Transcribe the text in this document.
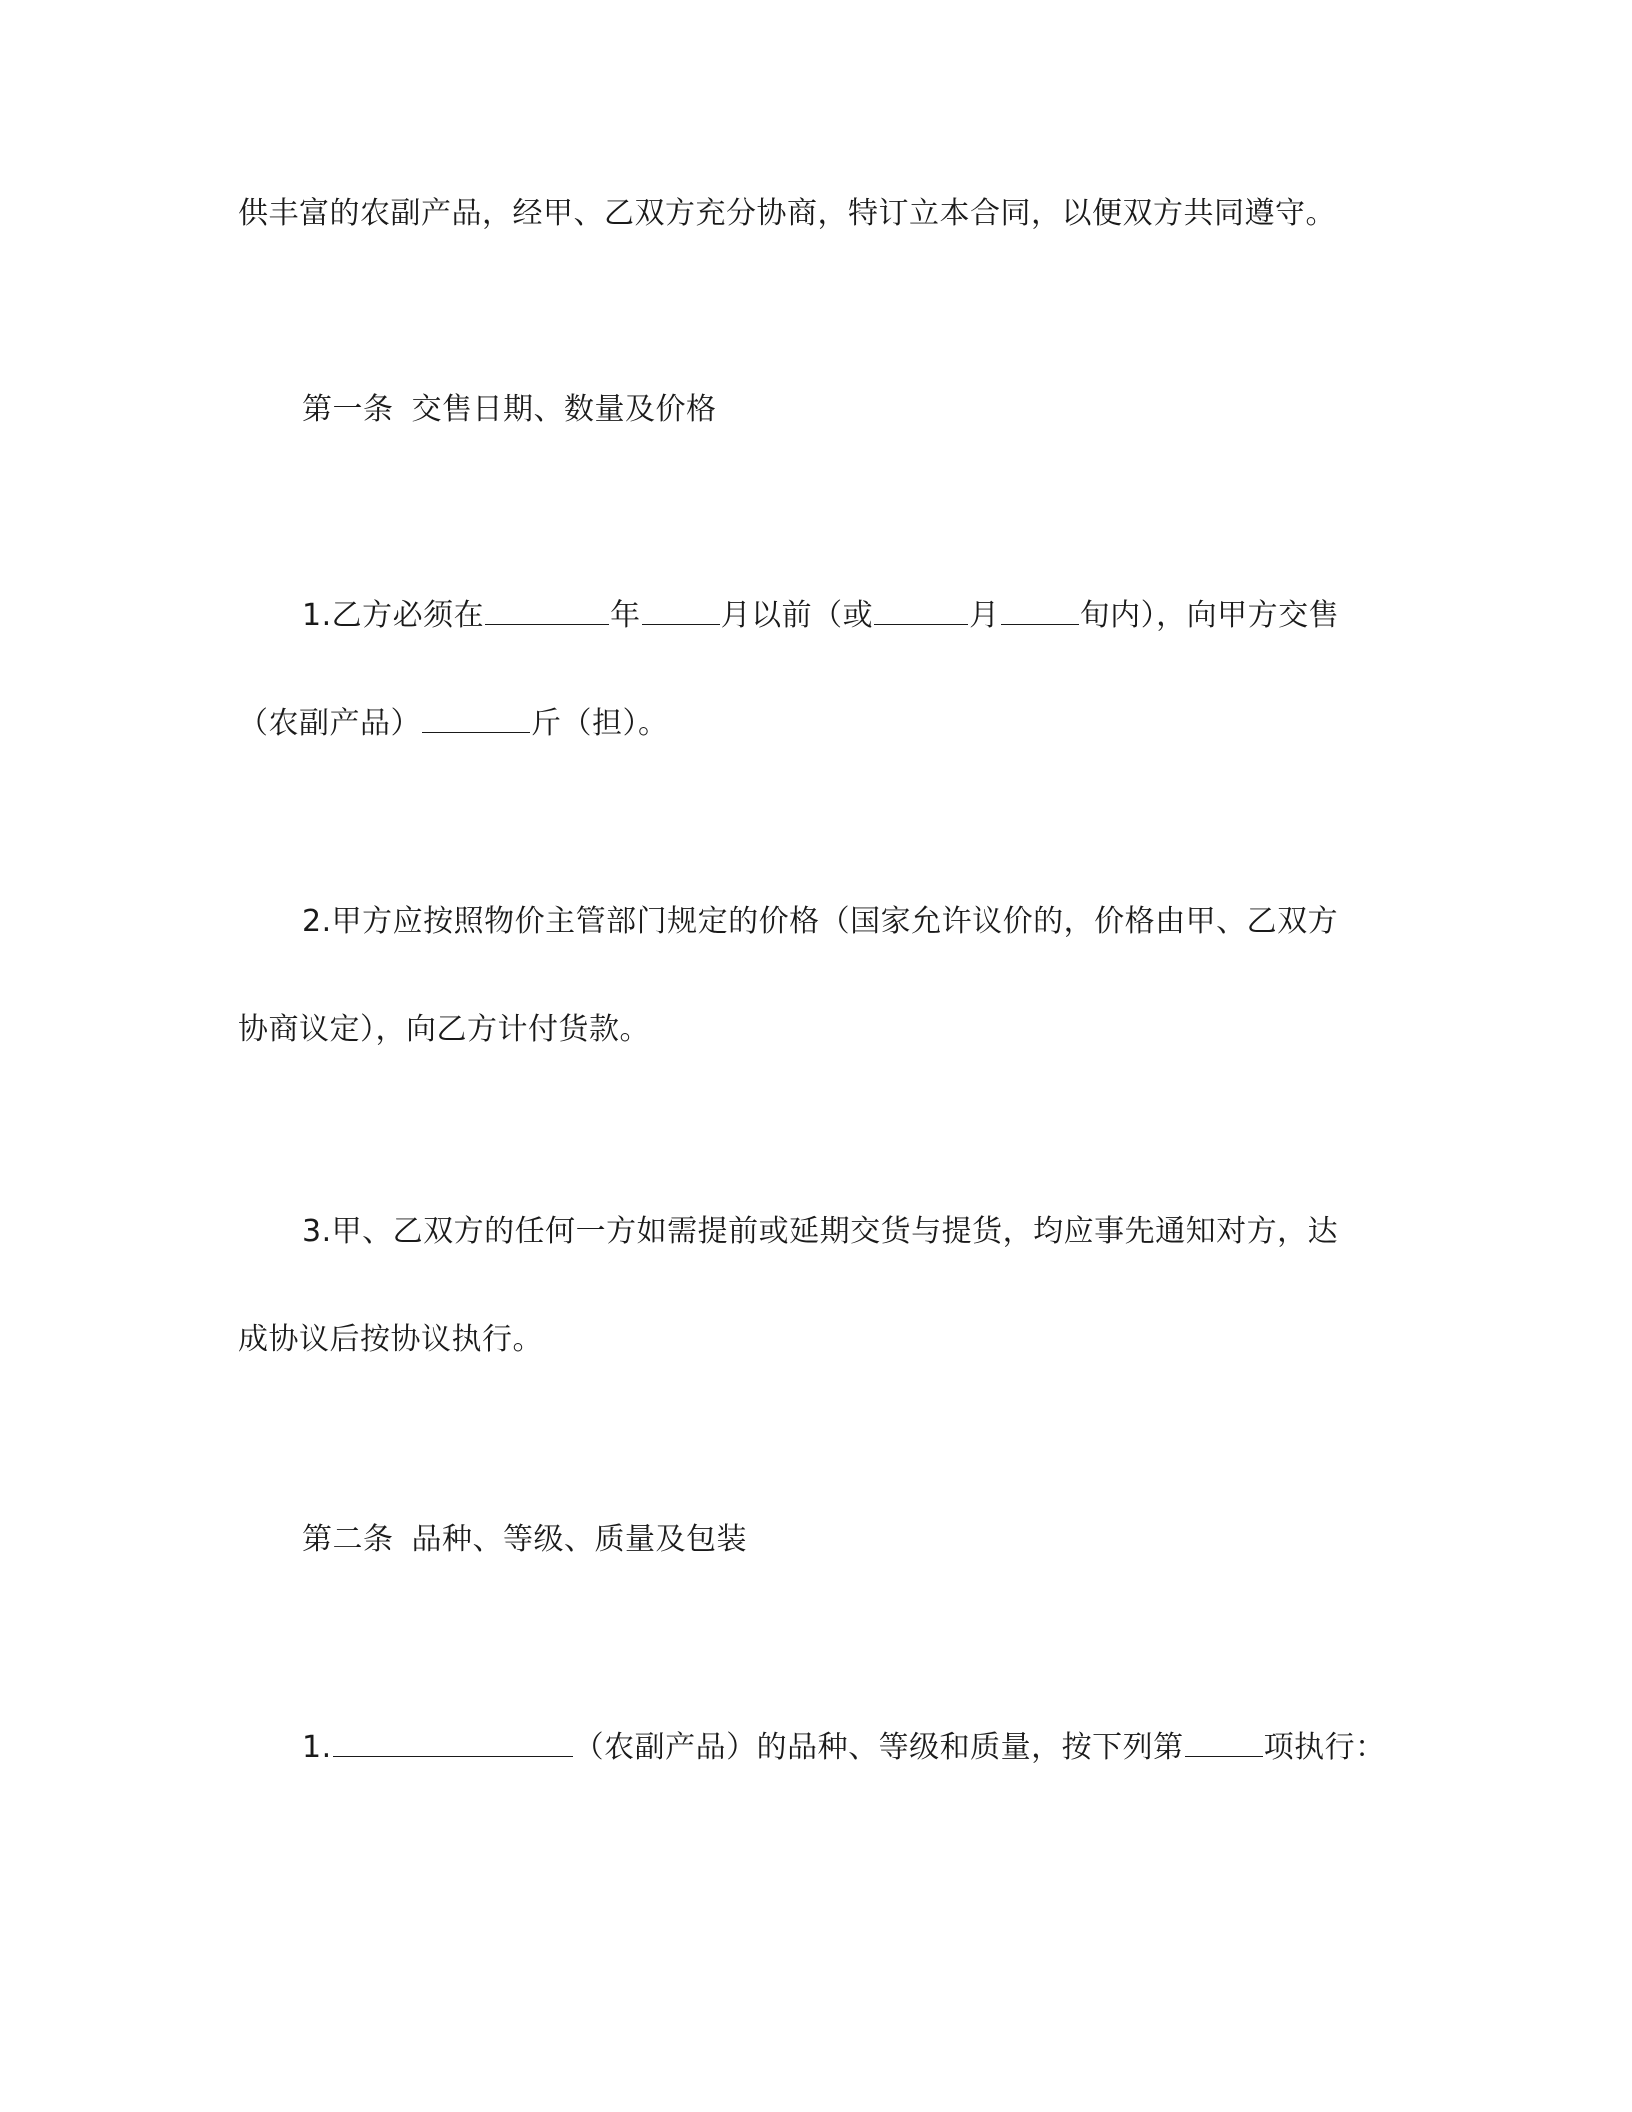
供丰富的农副产品，经甲、乙双方充分协商，特订立本合同，以便双方共同遵守。
第一条 交售日期、数量及价格
1.乙方必须在	年	月以前（或	月	旬内），向甲方交售
（农副产品）	斤（担）。
2.甲方应按照物价主管部门规定的价格（国家允许议价的，价格由甲、乙双方
协商议定），向乙方计付货款。
3.甲、乙双方的任何一方如需提前或延期交货与提货，均应事先通知对方，达
成协议后按协议执行。
第二条 品种、等级、质量及包装
1.	（农副产品）的品种、等级和质量，按下列第	项执行：
